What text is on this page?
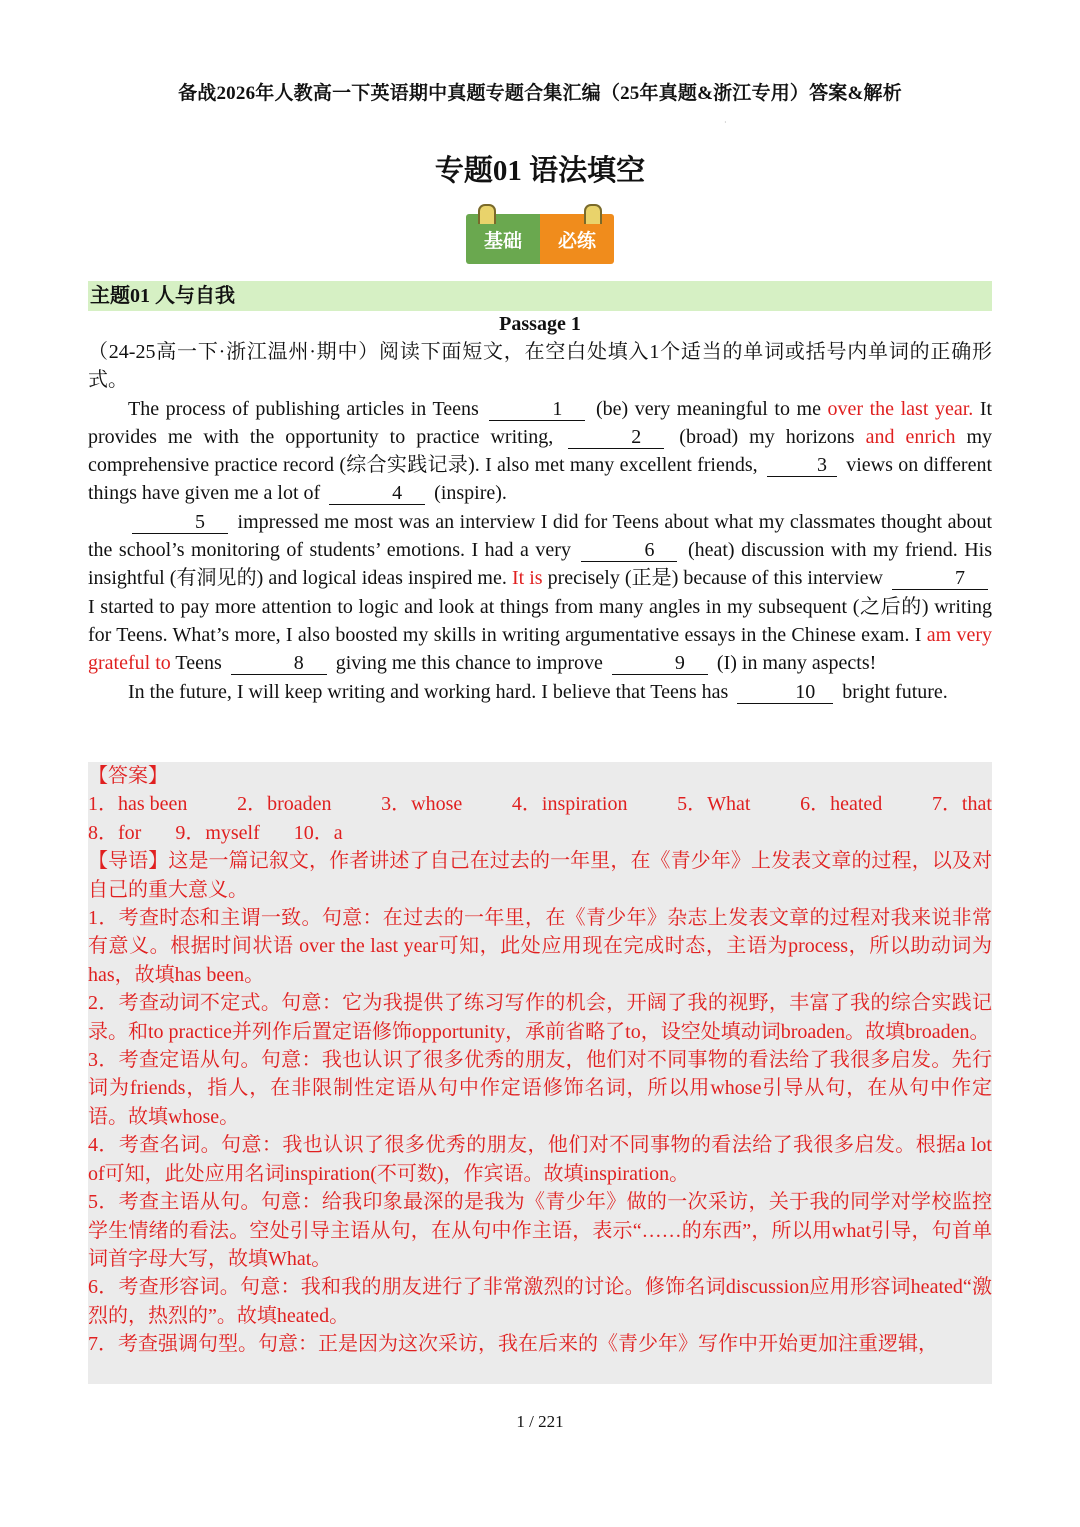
备战2026年人教高一下英语期中真题专题合集汇编（25年真题&浙江专用）答案&解析
·
专题01 语法填空
基础	必练
主题01 人与自我
Passage 1

（24-25高一下·浙江温州·期中）阅读下面短文，在空白处填入1个适当的单词或括号内单词的正确形式。

The process of publishing articles in Teens	1 (be) very meaningful to me over the last year. It provides me with the opportunity to practice writing,	2 (broad) my horizons and enrich my comprehensive practice record (综合实践记录). I also met many excellent friends,	3 views on different things have given me a lot of	4 (inspire).

5 impressed me most was an interview I did for Teens about what my classmates thought about the school’s monitoring of students’ emotions. I had a very	6 (heat) discussion with my friend. His insightful (有洞见的) and logical ideas inspired me. It is precisely (正是) because of this interview	7 I started to pay more attention to logic and look at things from many angles in my subsequent (之后的) writing for Teens. What’s more, I also boosted my skills in writing argumentative essays in the Chinese exam. I am very grateful to Teens	8 giving me this chance to improve	9 (I) in many aspects!

In the future, I will keep writing and working hard. I believe that Teens has	10 bright future.

【答案】

1．has been 2．broaden 3．whose 4．inspiration 5．What 6．heated 7．that
8．for 9．myself 10．a

【导语】这是一篇记叙文，作者讲述了自己在过去的一年里，在《青少年》上发表文章的过程，以及对自己的重大意义。

1．考查时态和主谓一致。句意：在过去的一年里，在《青少年》杂志上发表文章的过程对我来说非常有意义。根据时间状语 over the last year可知，此处应用现在完成时态，主语为process，所以助动词为 has，故填has been。

2．考查动词不定式。句意：它为我提供了练习写作的机会，开阔了我的视野，丰富了我的综合实践记录。和to practice并列作后置定语修饰opportunity，承前省略了to，设空处填动词broaden。故填broaden。

3．考查定语从句。句意：我也认识了很多优秀的朋友，他们对不同事物的看法给了我很多启发。先行词为friends，指人，在非限制性定语从句中作定语修饰名词，所以用whose引导从句，在从句中作定语。故填whose。

4．考查名词。句意：我也认识了很多优秀的朋友，他们对不同事物的看法给了我很多启发。根据a lot of可知，此处应用名词inspiration(不可数)，作宾语。故填inspiration。

5．考查主语从句。句意：给我印象最深的是我为《青少年》做的一次采访，关于我的同学对学校监控学生情绪的看法。空处引导主语从句，在从句中作主语，表示“……的东西”，所以用what引导，句首单词首字母大写，故填What。

6．考查形容词。句意：我和我的朋友进行了非常激烈的讨论。修饰名词discussion应用形容词heated“激烈的，热烈的”。故填heated。

7．考查强调句型。句意：正是因为这次采访，我在后来的《青少年》写作中开始更加注重逻辑，

1 / 221
